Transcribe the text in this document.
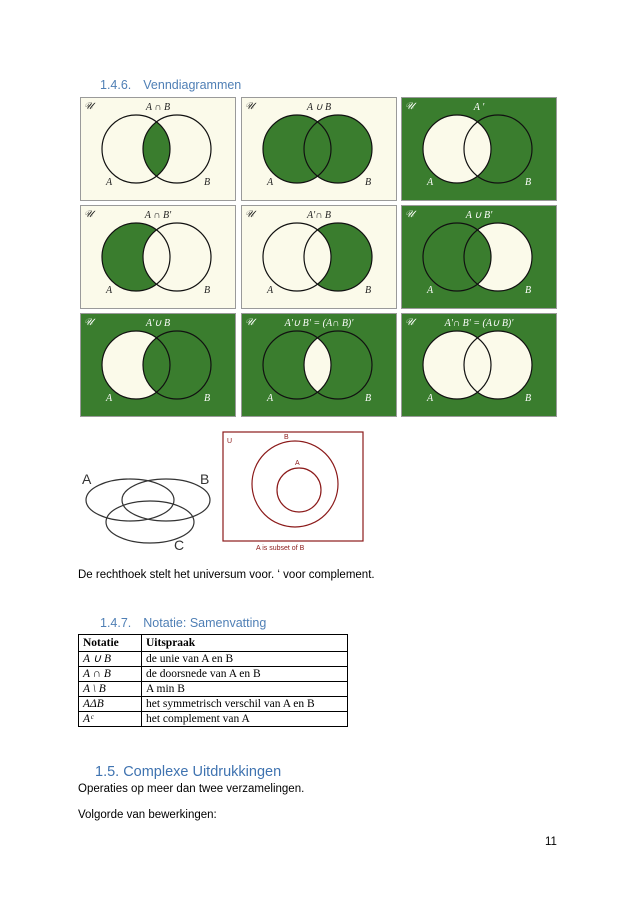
1.4.6. Venndiagrammen
𝒰	A ∩ B
A	B
𝒰	A ∪ B
A	B
𝒰	A '
A	B
𝒰	A ∩ B'
A	B
𝒰	A'∩ B
A	B
𝒰	A ∪ B'
A	B
𝒰	A'∪ B
A	B
𝒰	A'∪ B' = (A∩ B)'
A	B
𝒰	A'∩ B' = (A∪ B)'
A	B
A	B
C
U
B
A
A is subset of B
De rechthoek stelt het universum voor. ‘ voor complement.
1.4.7. Notatie: Samenvatting
Notatie	Uitspraak
A ∪ B	de unie van A en B
A ∩ B	de doorsnede van A en B
A \ B	A min B
AΔB	het symmetrisch verschil van A en B
Aᶜ	het complement van A
1.5. Complexe Uitdrukkingen
Operaties op meer dan twee verzamelingen.
Volgorde van bewerkingen:
11
